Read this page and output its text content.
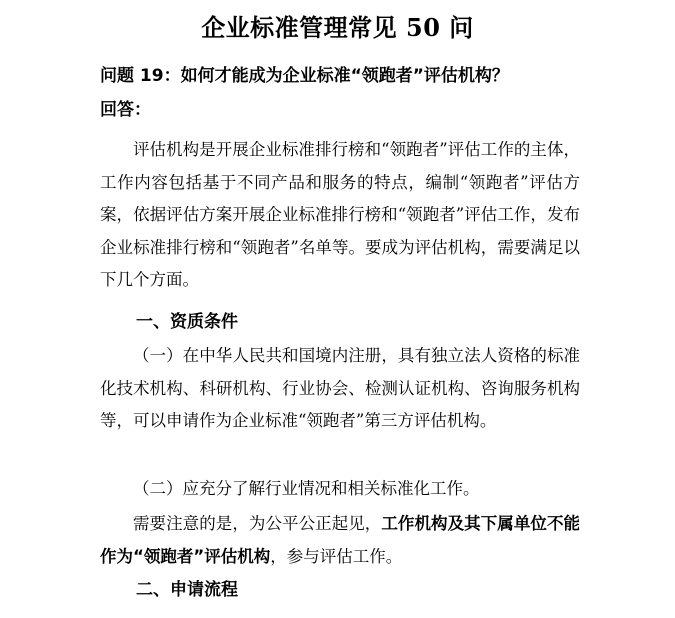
企业标准管理常见 50 问
问题 19：如何才能成为企业标准“领跑者”评估机构？
回答：
评估机构是开展企业标准排行榜和“领跑者”评估工作的主体，工作内容包括基于不同产品和服务的特点，编制“领跑者”评估方案，依据评估方案开展企业标准排行榜和“领跑者”评估工作，发布企业标准排行榜和“领跑者”名单等。要成为评估机构，需要满足以下几个方面。
一、资质条件
（一）在中华人民共和国境内注册，具有独立法人资格的标准化技术机构、科研机构、行业协会、检测认证机构、咨询服务机构等，可以申请作为企业标准“领跑者”第三方评估机构。
（二）应充分了解行业情况和相关标准化工作。
需要注意的是，为公平公正起见，工作机构及其下属单位不能作为“领跑者”评估机构，参与评估工作。
二、申请流程
